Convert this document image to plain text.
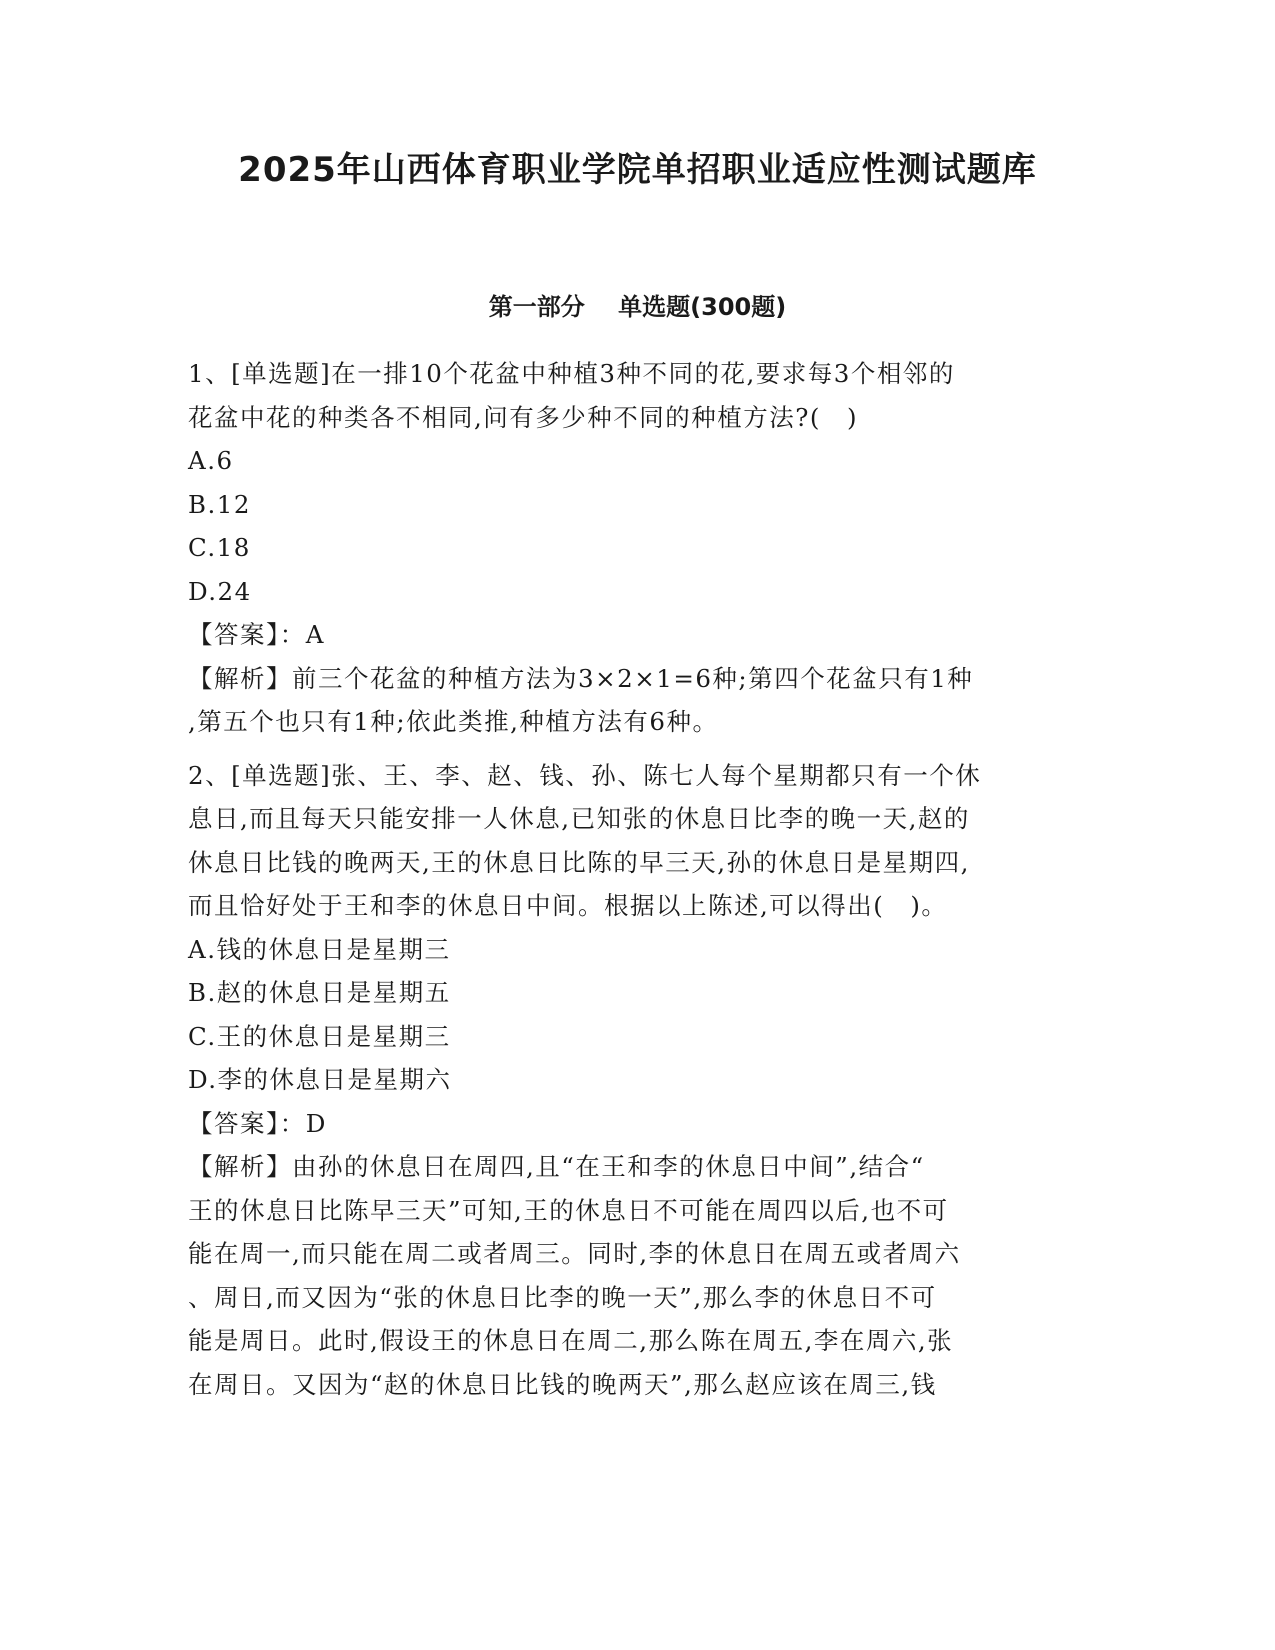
2025年山西体育职业学院单招职业适应性测试题库
第一部分    单选题(300题)

1、[单选题]在一排10个花盆中种植3种不同的花,要求每3个相邻的

花盆中花的种类各不相同,问有多少种不同的种植方法?(　)

A.6

B.12

C.18

D.24

【答案】：A

【解析】前三个花盆的种植方法为3×2×1=6种;第四个花盆只有1种

,第五个也只有1种;依此类推,种植方法有6种。

2、[单选题]张、王、李、赵、钱、孙、陈七人每个星期都只有一个休

息日,而且每天只能安排一人休息,已知张的休息日比李的晚一天,赵的

休息日比钱的晚两天,王的休息日比陈的早三天,孙的休息日是星期四,

而且恰好处于王和李的休息日中间。根据以上陈述,可以得出(　)。

A.钱的休息日是星期三

B.赵的休息日是星期五

C.王的休息日是星期三

D.李的休息日是星期六

【答案】：D

【解析】由孙的休息日在周四,且“在王和李的休息日中间”,结合“

王的休息日比陈早三天”可知,王的休息日不可能在周四以后,也不可

能在周一,而只能在周二或者周三。同时,李的休息日在周五或者周六

、周日,而又因为“张的休息日比李的晚一天”,那么李的休息日不可

能是周日。此时,假设王的休息日在周二,那么陈在周五,李在周六,张

在周日。又因为“赵的休息日比钱的晚两天”,那么赵应该在周三,钱
